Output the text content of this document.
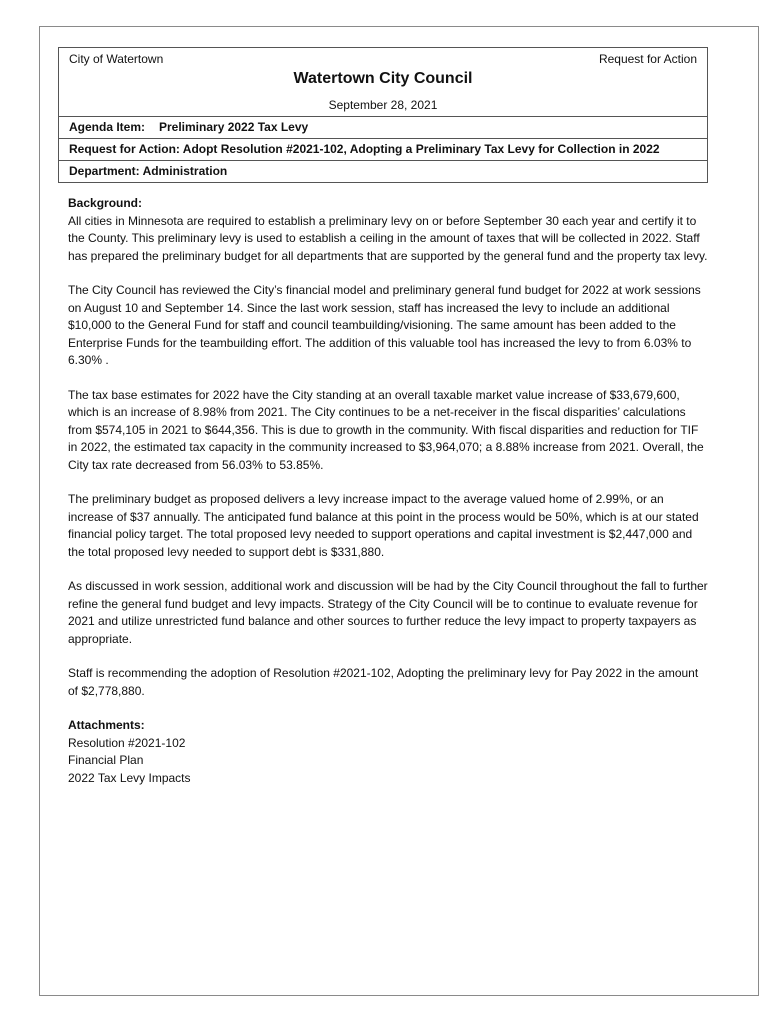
City of Watertown	Request for Action
Watertown City Council
September 28, 2021
Agenda Item: Preliminary 2022 Tax Levy
Request for Action: Adopt Resolution #2021-102, Adopting a Preliminary Tax Levy for Collection in 2022
Department: Administration
Background:

All cities in Minnesota are required to establish a preliminary levy on or before September 30 each year and certify it to the County. This preliminary levy is used to establish a ceiling in the amount of taxes that will be collected in 2022. Staff has prepared the preliminary budget for all departments that are supported by the general fund and the property tax levy.

The City Council has reviewed the City’s financial model and preliminary general fund budget for 2022 at work sessions on August 10 and September 14. Since the last work session, staff has increased the levy to include an additional $10,000 to the General Fund for staff and council teambuilding/visioning. The same amount has been added to the Enterprise Funds for the teambuilding effort. The addition of this valuable tool has increased the levy to from 6.03% to 6.30% .

The tax base estimates for 2022 have the City standing at an overall taxable market value increase of $33,679,600, which is an increase of 8.98% from 2021. The City continues to be a net-receiver in the fiscal disparities’ calculations from $574,105 in 2021 to $644,356. This is due to growth in the community. With fiscal disparities and reduction for TIF in 2022, the estimated tax capacity in the community increased to $3,964,070; a 8.88% increase from 2021. Overall, the City tax rate decreased from 56.03% to 53.85%.

The preliminary budget as proposed delivers a levy increase impact to the average valued home of 2.99%, or an increase of $37 annually. The anticipated fund balance at this point in the process would be 50%, which is at our stated financial policy target. The total proposed levy needed to support operations and capital investment is $2,447,000 and the total proposed levy needed to support debt is $331,880.

As discussed in work session, additional work and discussion will be had by the City Council throughout the fall to further refine the general fund budget and levy impacts. Strategy of the City Council will be to continue to evaluate revenue for 2021 and utilize unrestricted fund balance and other sources to further reduce the levy impact to property taxpayers as appropriate.

Staff is recommending the adoption of Resolution #2021-102, Adopting the preliminary levy for Pay 2022 in the amount of $2,778,880.

Attachments:
Resolution #2021-102
Financial Plan
2022 Tax Levy Impacts
